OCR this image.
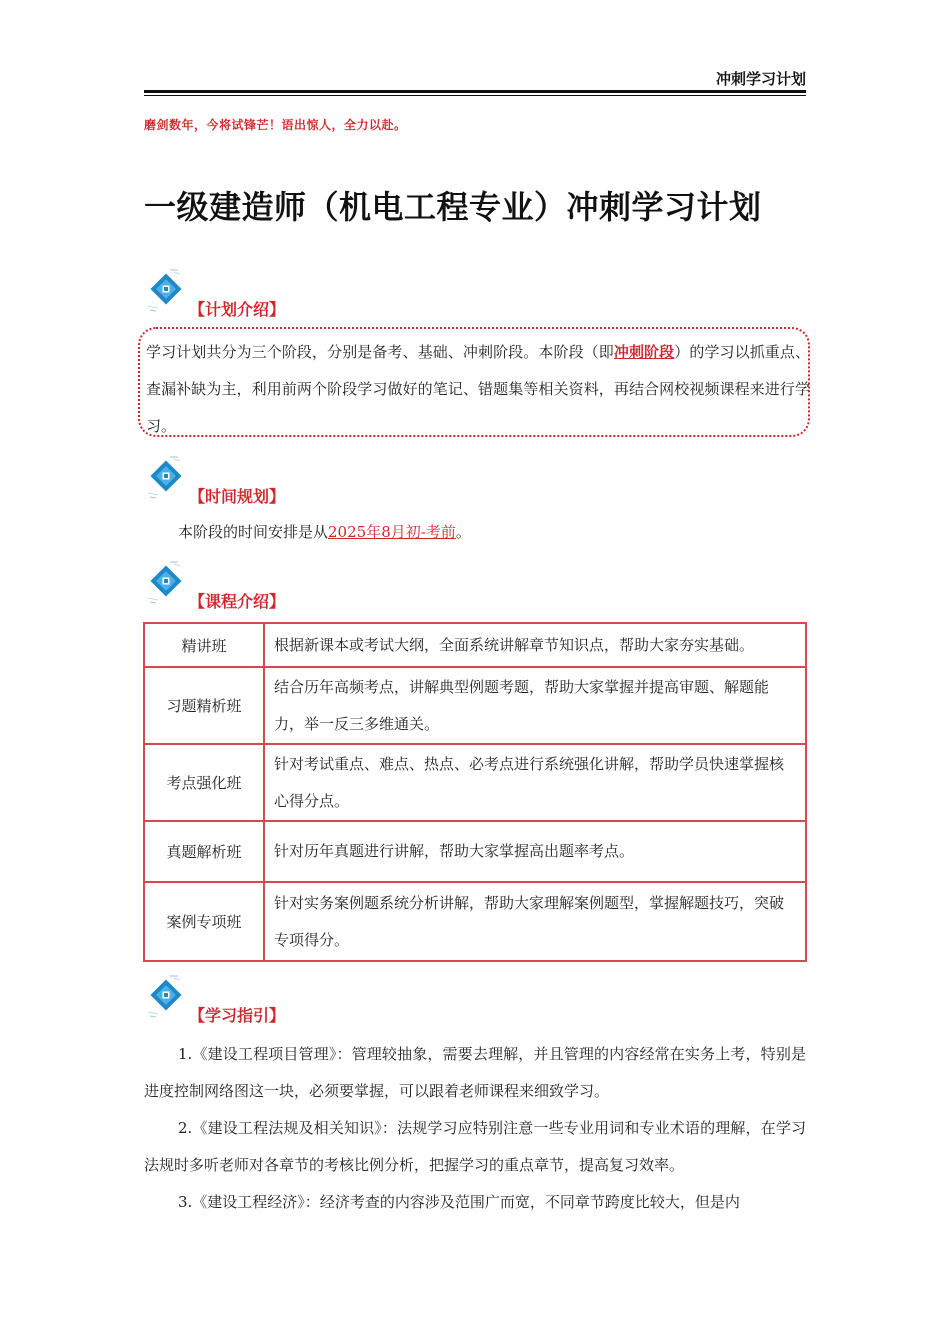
冲刺学习计划
磨剑数年，今将试锋芒！语出惊人，全力以赴。
一级建造师（机电工程专业）冲刺学习计划
【计划介绍】
学习计划共分为三个阶段，分别是备考、基础、冲刺阶段。本阶段（即冲刺阶段）的学习以抓重点、查漏补缺为主，利用前两个阶段学习做好的笔记、错题集等相关资料，再结合网校视频课程来进行学习。
【时间规划】
本阶段的时间安排是从2025年8月初-考前。
【课程介绍】
精讲班	根据新课本或考试大纲，全面系统讲解章节知识点，帮助大家夯实基础。
习题精析班	结合历年高频考点，讲解典型例题考题，帮助大家掌握并提高审题、解题能力，举一反三多维通关。
考点强化班	针对考试重点、难点、热点、必考点进行系统强化讲解，帮助学员快速掌握核心得分点。
真题解析班	针对历年真题进行讲解，帮助大家掌握高出题率考点。
案例专项班	针对实务案例题系统分析讲解，帮助大家理解案例题型，掌握解题技巧，突破专项得分。
【学习指引】
1.《建设工程项目管理》：管理较抽象，需要去理解，并且管理的内容经常在实务上考，特别是进度控制网络图这一块，必须要掌握，可以跟着老师课程来细致学习。
2.《建设工程法规及相关知识》：法规学习应特别注意一些专业用词和专业术语的理解，在学习法规时多听老师对各章节的考核比例分析，把握学习的重点章节，提高复习效率。
3.《建设工程经济》：经济考查的内容涉及范围广而宽，不同章节跨度比较大，但是内
